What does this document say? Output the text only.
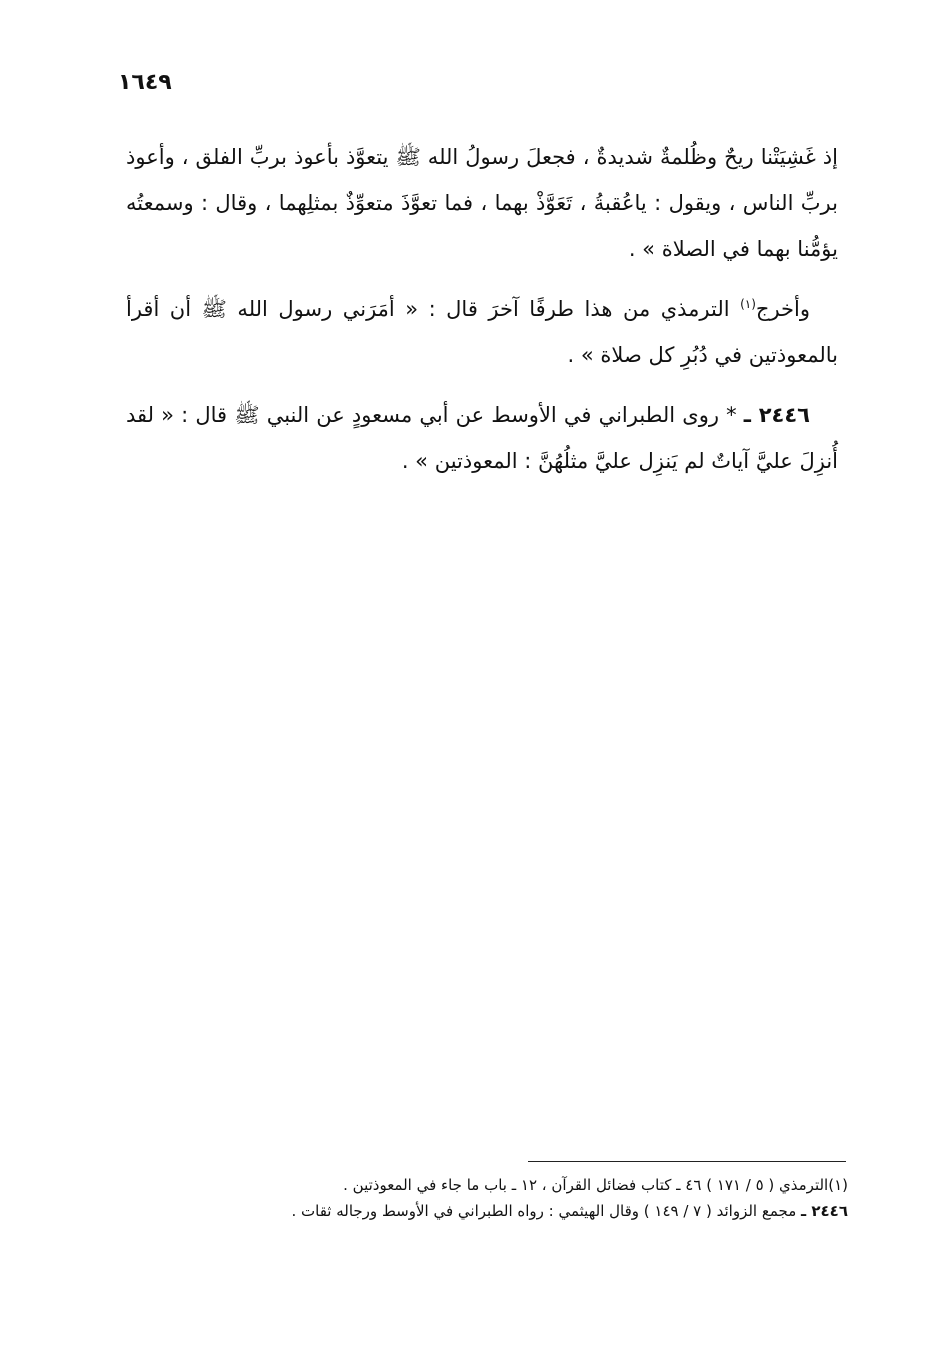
١٦٤٩

إذ غَشِيَتْنا ريحٌ وظُلمةٌ شديدةٌ ، فجعلَ رسولُ الله ﷺ يتعوَّذ بأعوذ بربِّ الفلق ، وأعوذ بربِّ الناس ، ويقول : ياعُقبةُ ، تَعَوَّذْ بهما ، فما تعوَّذَ متعوِّذٌ بمثلِهما ، وقال : وسمعتُه يؤمُّنا بهما في الصلاة » .

وأخرج$^{(١)}$ الترمذي من هذا طرفًا آخرَ قال : « أمَرَني رسول الله ﷺ أن أقرأ بالمعوذتين في دُبُرِ كل صلاة » .

٢٤٤٦ ـ * روى الطبراني في الأوسط عن أبي مسعودٍ عن النبي ﷺ قال : « لقد أُنزِلَ عليَّ آياتٌ لم يَنزِل عليَّ مثلُهُنَّ : المعوذتين » .

(١)الترمذي ( ٥ / ١٧١ ) ٤٦ ـ كتاب فضائل القرآن ، ١٢ ـ باب ما جاء في المعوذتين .

٢٤٤٦ ـ مجمع الزوائد ( ٧ / ١٤٩ ) وقال الهيثمي : رواه الطبراني في الأوسط ورجاله ثقات .
